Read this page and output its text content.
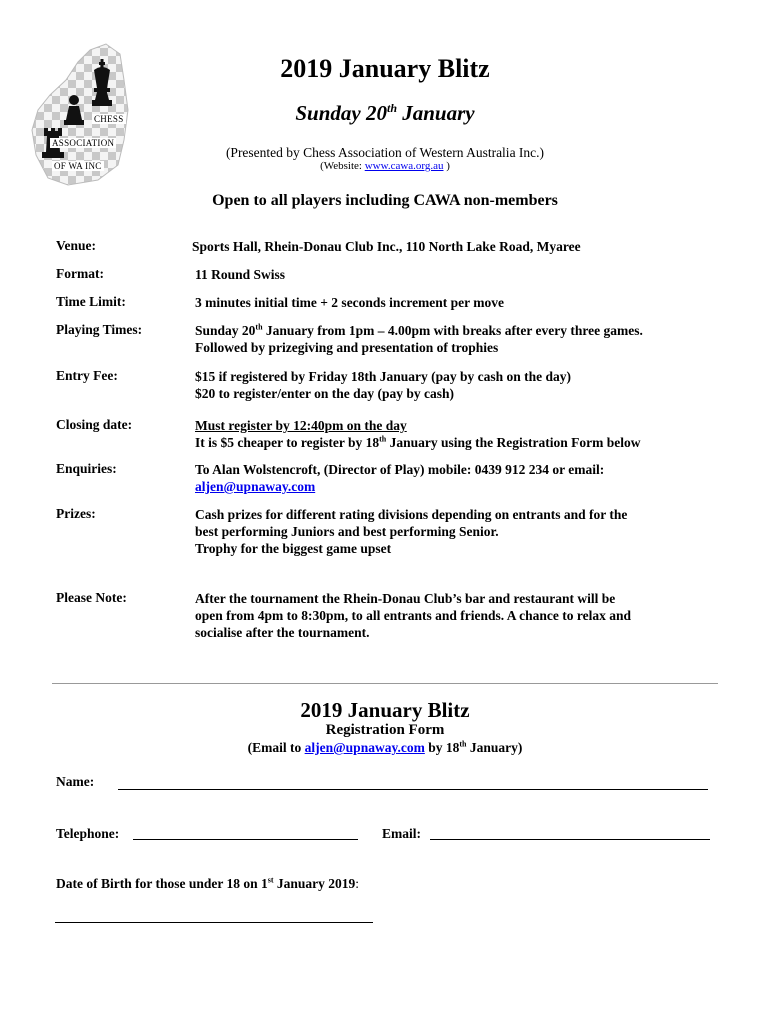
CHESS
ASSOCIATION
OF WA INC
2019 January Blitz
Sunday 20th January
(Presented by Chess Association of Western Australia Inc.)
(Website: www.cawa.org.au )
Open to all players including CAWA non-members
Venue:	Sports Hall, Rhein-Donau Club Inc., 110 North Lake Road, Myaree
Format:	11 Round Swiss
Time Limit:	3 minutes initial time + 2 seconds increment per move
Playing Times:	Sunday 20th January from 1pm – 4.00pm with breaks after every three games.
Followed by prizegiving and presentation of trophies
Entry Fee:	$15 if registered by Friday 18th January (pay by cash on the day)
$20 to register/enter on the day (pay by cash)
Closing date:	Must register by 12:40pm on the day
It is $5 cheaper to register by 18th January using the Registration Form below
Enquiries:	To Alan Wolstencroft, (Director of Play) mobile: 0439 912 234 or email:
aljen@upnaway.com
Prizes:	Cash prizes for different rating divisions depending on entrants and for the
best performing Juniors and best performing Senior.
Trophy for the biggest game upset
Please Note:	After the tournament the Rhein-Donau Club’s bar and restaurant will be
open from 4pm to 8:30pm, to all entrants and friends. A chance to relax and
socialise after the tournament.
2019 January Blitz
Registration Form
(Email to aljen@upnaway.com by 18th January)
Name:
Telephone:	Email:
Date of Birth for those under 18 on 1st January 2019:
